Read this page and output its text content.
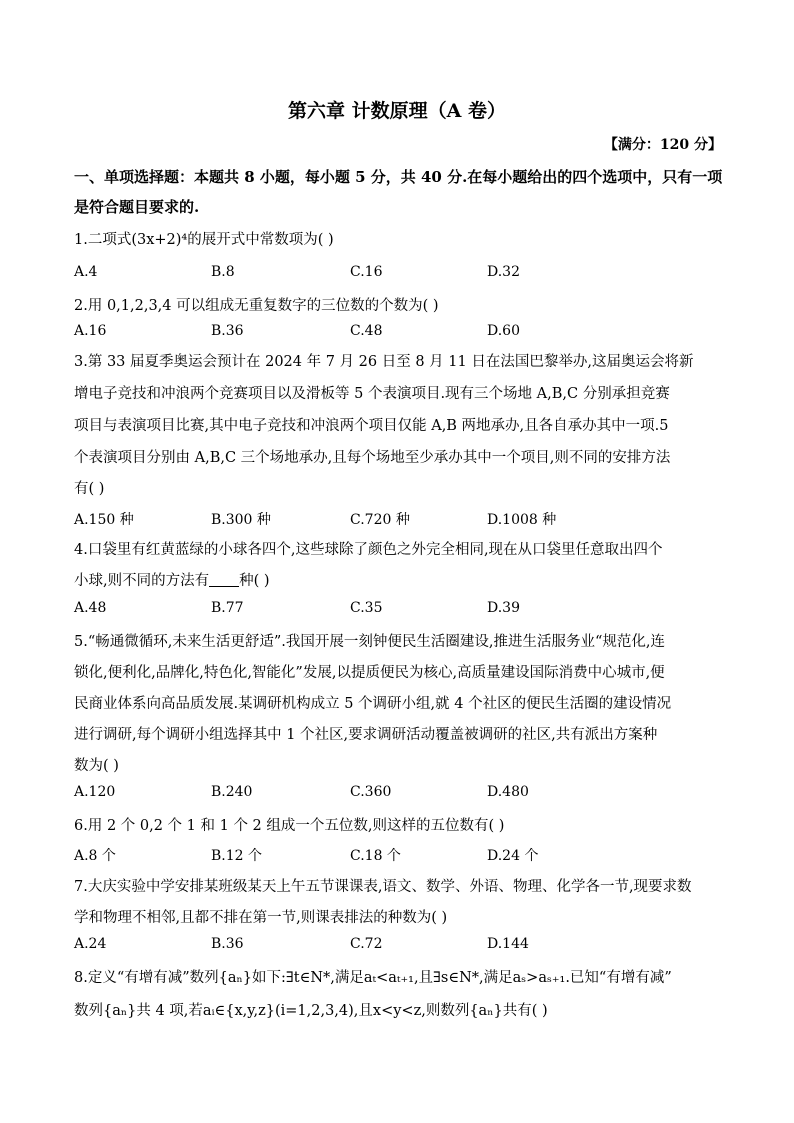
第六章 计数原理（A 卷）
【满分：120 分】
一、单项选择题：本题共 8 小题，每小题 5 分，共 40 分.在每小题给出的四个选项中，只有一项是符合题目要求的.
1.二项式(3x+2)⁴的展开式中常数项为( )
A.4	B.8	C.16	D.32
2.用 0,1,2,3,4 可以组成无重复数字的三位数的个数为( )
A.16	B.36	C.48	D.60
3.第 33 届夏季奥运会预计在 2024 年 7 月 26 日至 8 月 11 日在法国巴黎举办,这届奥运会将新
增电子竞技和冲浪两个竞赛项目以及滑板等 5 个表演项目.现有三个场地 A,B,C 分别承担竞赛
项目与表演项目比赛,其中电子竞技和冲浪两个项目仅能 A,B 两地承办,且各自承办其中一项.5
个表演项目分别由 A,B,C 三个场地承办,且每个场地至少承办其中一个项目,则不同的安排方法
有( )
A.150 种	B.300 种	C.720 种	D.1008 种
4.口袋里有红黄蓝绿的小球各四个,这些球除了颜色之外完全相同,现在从口袋里任意取出四个
小球,则不同的方法有 种( )
A.48	B.77	C.35	D.39
5.“畅通微循环,未来生活更舒适”.我国开展一刻钟便民生活圈建设,推进生活服务业“规范化,连
锁化,便利化,品牌化,特色化,智能化”发展,以提质便民为核心,高质量建设国际消费中心城市,便
民商业体系向高品质发展.某调研机构成立 5 个调研小组,就 4 个社区的便民生活圈的建设情况
进行调研,每个调研小组选择其中 1 个社区,要求调研活动覆盖被调研的社区,共有派出方案种
数为( )
A.120	B.240	C.360	D.480
6.用 2 个 0,2 个 1 和 1 个 2 组成一个五位数,则这样的五位数有( )
A.8 个	B.12 个	C.18 个	D.24 个
7.大庆实验中学安排某班级某天上午五节课课表,语文、数学、外语、物理、化学各一节,现要求数
学和物理不相邻,且都不排在第一节,则课表排法的种数为( )
A.24	B.36	C.72	D.144
8.定义“有增有减”数列{aₙ}如下:∃t∈N*,满足aₜ<aₜ₊₁,且∃s∈N*,满足aₛ>aₛ₊₁.已知“有增有减”
数列{aₙ}共 4 项,若aᵢ∈{x,y,z}(i=1,2,3,4),且x<y<z,则数列{aₙ}共有( )
